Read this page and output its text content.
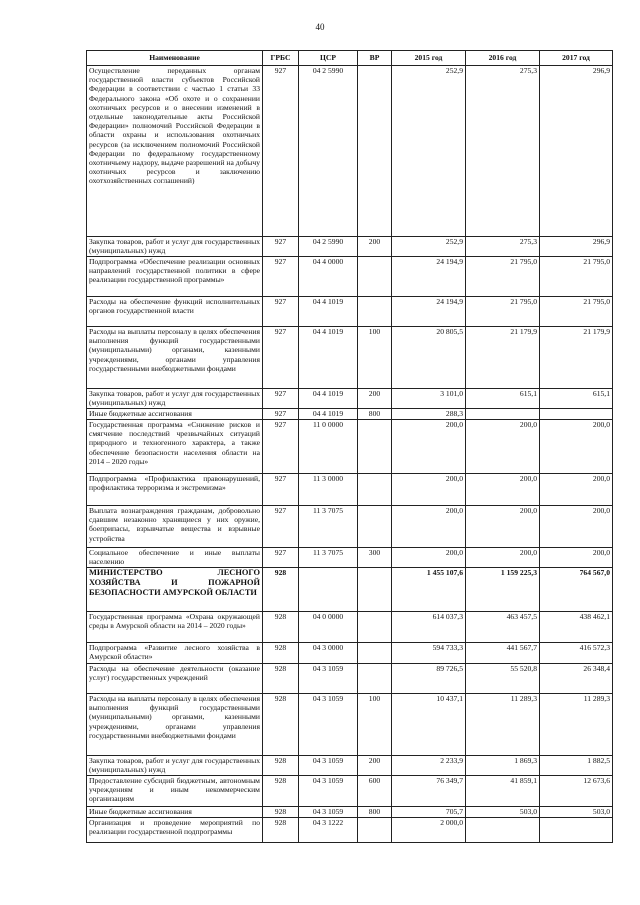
40
Наименование	ГРБС	ЦСР	ВР	2015 год	2016 год	2017 год
Осуществление переданных органам государственной власти субъектов Российской Федерации в соответствии с частью 1 статьи 33 Федерального закона «Об охоте и о сохранении охотничьих ресурсов и о внесении изменений в отдельные законодательные акты Российской Федерации» полномочий Российской Федерации в области охраны и использования охотничьих ресурсов (за исключением полномочий Российской Федерации по федеральному государственному охотничьему надзору, выдаче разрешений на добычу охотничьих ресурсов и заключению охотхозяйственных соглашений)	927	04 2 5990		252,9	275,3	296,9
Закупка товаров, работ и услуг для государственных (муниципальных) нужд	927	04 2 5990	200	252,9	275,3	296,9
Подпрограмма «Обеспечение реализации основных направлений государственной политики в сфере реализации государственной программы»	927	04 4 0000		24 194,9	21 795,0	21 795,0
Расходы на обеспечение функций исполнительных органов государственной власти	927	04 4 1019		24 194,9	21 795,0	21 795,0
Расходы на выплаты персоналу в целях обеспечения выполнения функций государственными (муниципальными) органами, казенными учреждениями, органами управления государственными внебюджетными фондами	927	04 4 1019	100	20 805,5	21 179,9	21 179,9
Закупка товаров, работ и услуг для государственных (муниципальных) нужд	927	04 4 1019	200	3 101,0	615,1	615,1
Иные бюджетные ассигнования	927	04 4 1019	800	288,3		
Государственная программа «Снижение рисков и смягчение последствий чрезвычайных ситуаций природного и техногенного характера, а также обеспечение безопасности населения области на 2014 – 2020 годы»	927	11 0 0000		200,0	200,0	200,0
Подпрограмма «Профилактика правонарушений, профилактика терроризма и экстремизма»	927	11 3 0000		200,0	200,0	200,0
Выплата вознаграждения гражданам, добровольно сдавшим незаконно хранящиеся у них оружие, боеприпасы, взрывчатые вещества и взрывные устройства	927	11 3 7075		200,0	200,0	200,0
Социальное обеспечение и иные выплаты населению	927	11 3 7075	300	200,0	200,0	200,0
МИНИСТЕРСТВО ЛЕСНОГО ХОЗЯЙСТВА И ПОЖАРНОЙ БЕЗОПАСНОСТИ АМУРСКОЙ ОБЛАСТИ	928			1 455 107,6	1 159 225,3	764 567,0
Государственная программа «Охрана окружающей среды в Амурской области на 2014 – 2020 годы»	928	04 0 0000		614 037,3	463 457,5	438 462,1
Подпрограмма «Развитие лесного хозяйства в Амурской области»	928	04 3 0000		594 733,3	441 567,7	416 572,3
Расходы на обеспечение деятельности (оказание услуг) государственных учреждений	928	04 3 1059		89 726,5	55 520,8	26 348,4
Расходы на выплаты персоналу в целях обеспечения выполнения функций государственными (муниципальными) органами, казенными учреждениями, органами управления государственными внебюджетными фондами	928	04 3 1059	100	10 437,1	11 289,3	11 289,3
Закупка товаров, работ и услуг для государственных (муниципальных) нужд	928	04 3 1059	200	2 233,9	1 869,3	1 882,5
Предоставление субсидий бюджетным, автономным учреждениям и иным некоммерческим организациям	928	04 3 1059	600	76 349,7	41 859,1	12 673,6
Иные бюджетные ассигнования	928	04 3 1059	800	705,7	503,0	503,0
Организация и проведение мероприятий по реализации государственной подпрограммы	928	04 3 1222		2 000,0		
